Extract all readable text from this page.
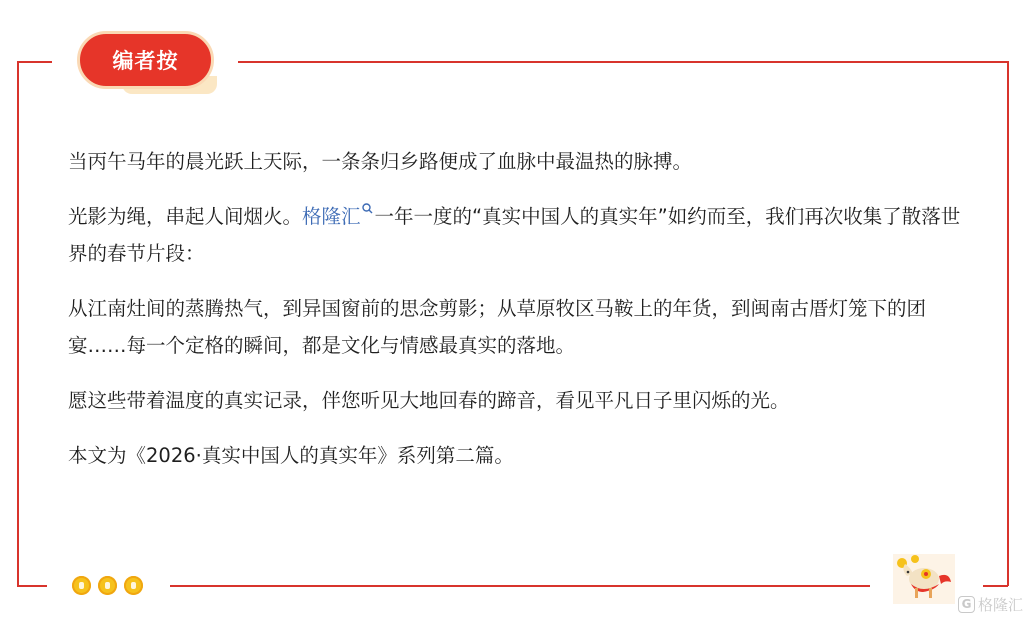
编者按

当丙午马年的晨光跃上天际，一条条归乡路便成了血脉中最温热的脉搏。

光影为绳，串起人间烟火。格隆汇 一年一度的“真实中国人的真实年”如约而至，我们再次收集了散落世界的春节片段：

从江南灶间的蒸腾热气，到异国窗前的思念剪影；从草原牧区马鞍上的年货，到闽南古厝灯笼下的团宴……每一个定格的瞬间，都是文化与情感最真实的落地。

愿这些带着温度的真实记录，伴您听见大地回春的蹄音，看见平凡日子里闪烁的光。

本文为《2026·真实中国人的真实年》系列第二篇。

G 格隆汇
